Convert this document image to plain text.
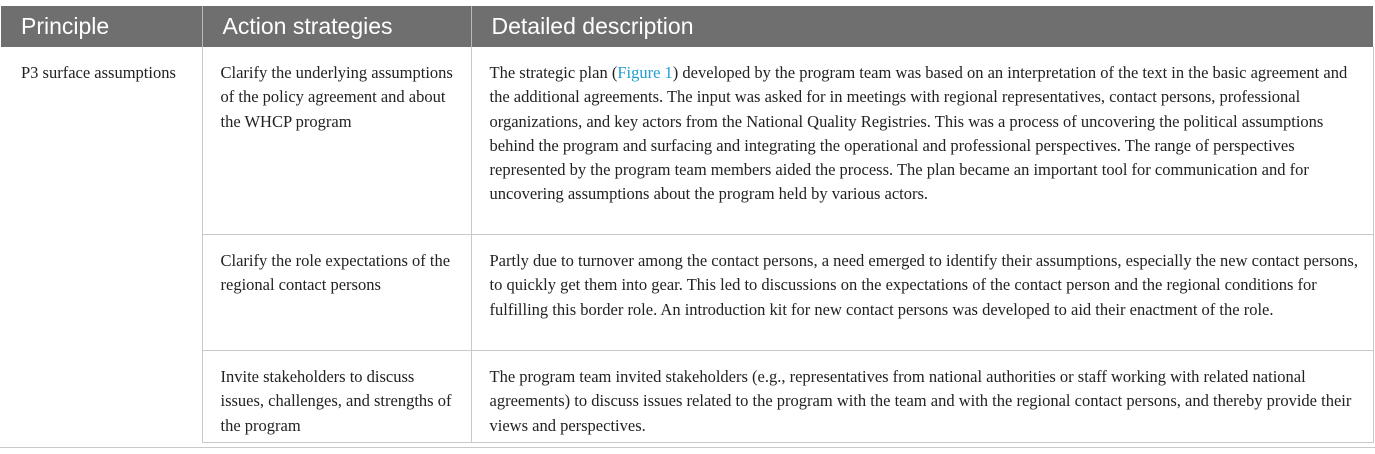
Principle	Action strategies	Detailed description
P3 surface assumptions	Clarify the underlying assumptions of the policy agreement and about the WHCP program	The strategic plan (Figure 1) developed by the program team was based on an interpretation of the text in the basic agreement and the additional agreements. The input was asked for in meetings with regional representatives, contact persons, professional organizations, and key actors from the National Quality Registries. This was a process of uncovering the political assumptions behind the program and surfacing and integrating the operational and professional perspectives. The range of perspectives represented by the program team members aided the process. The plan became an important tool for communication and for uncovering assumptions about the program held by various actors.
	Clarify the role expectations of the regional contact persons	Partly due to turnover among the contact persons, a need emerged to identify their assumptions, especially the new contact persons, to quickly get them into gear. This led to discussions on the expectations of the contact person and the regional conditions for fulfilling this border role. An introduction kit for new contact persons was developed to aid their enactment of the role.
	Invite stakeholders to discuss issues, challenges, and strengths of the program	The program team invited stakeholders (e.g., representatives from national authorities or staff working with related national agreements) to discuss issues related to the program with the team and with the regional contact persons, and thereby provide their views and perspectives.
